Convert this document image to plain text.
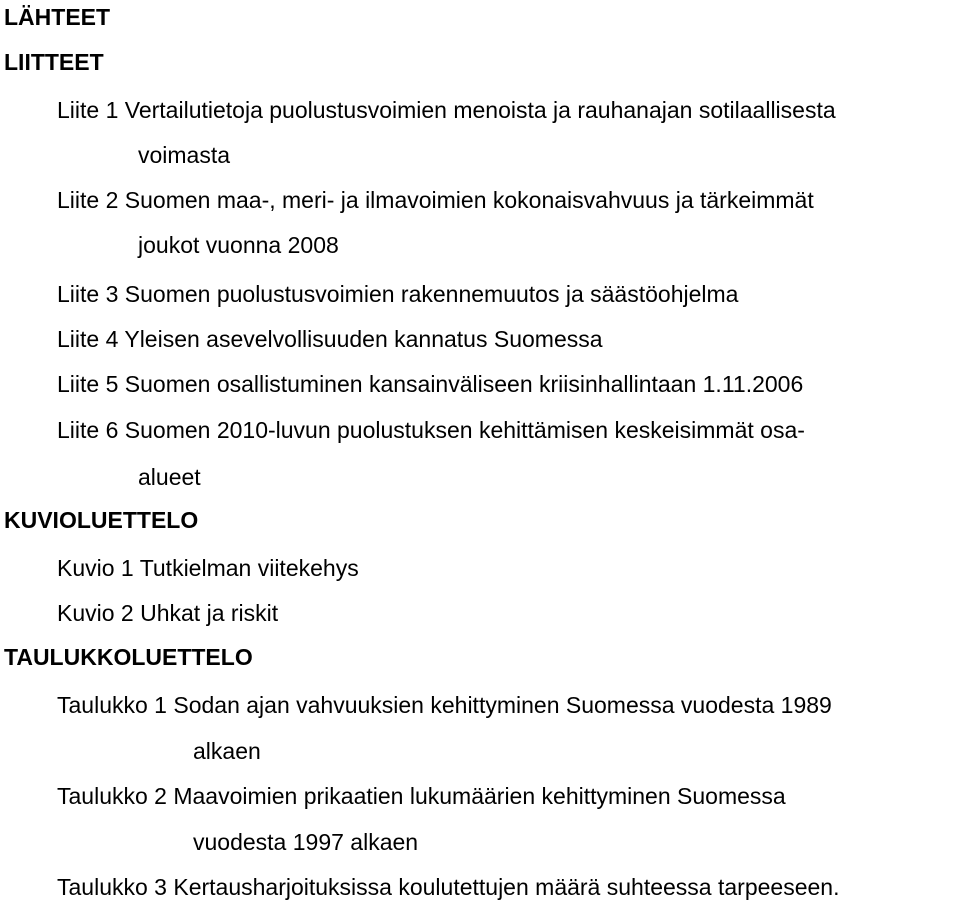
LÄHTEET
LIITTEET
Liite 1 Vertailutietoja puolustusvoimien menoista ja rauhanajan sotilaallisesta
voimasta
Liite 2 Suomen maa-, meri- ja ilmavoimien kokonaisvahvuus ja tärkeimmät
joukot vuonna 2008
Liite 3 Suomen puolustusvoimien rakennemuutos ja säästöohjelma
Liite 4 Yleisen asevelvollisuuden kannatus Suomessa
Liite 5 Suomen osallistuminen kansainväliseen kriisinhallintaan 1.11.2006
Liite 6 Suomen 2010-luvun puolustuksen kehittämisen keskeisimmät osa-
alueet
KUVIOLUETTELO
Kuvio 1 Tutkielman viitekehys
Kuvio 2 Uhkat ja riskit
TAULUKKOLUETTELO
Taulukko 1 Sodan ajan vahvuuksien kehittyminen Suomessa vuodesta 1989
alkaen
Taulukko 2 Maavoimien prikaatien lukumäärien kehittyminen Suomessa
vuodesta 1997 alkaen
Taulukko 3 Kertausharjoituksissa koulutettujen määrä suhteessa tarpeeseen.
